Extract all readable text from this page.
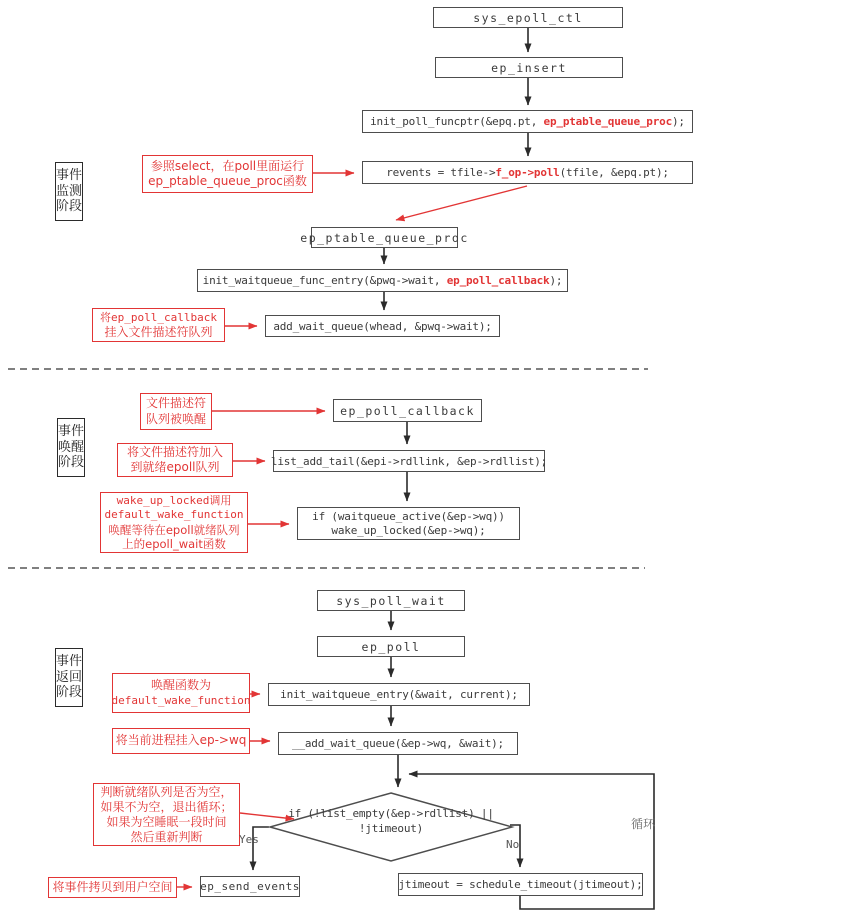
事件监测阶段
事件唤醒阶段
事件返回阶段
sys_epoll_ctl
ep_insert
init_poll_funcptr(&epq.pt, ep_ptable_queue_proc );
revents = tfile-> f_op->poll (tfile, &epq.pt);
ep_ptable_queue_proc
init_waitqueue_func_entry(&pwq->wait, ep_poll_callback );
add_wait_queue(whead, &pwq->wait);
ep_poll_callback
list_add_tail(&epi->rdllink, &ep->rdllist);
if (waitqueue_active(&ep->wq))
wake_up_locked(&ep->wq);
sys_poll_wait
ep_poll
init_waitqueue_entry(&wait, current);
__add_wait_queue(&ep->wq, &wait);
if (!list_empty(&ep->rdllist) ||
!jtimeout)
ep_send_events	jtimeout = schedule_timeout(jtimeout);
参照select，在poll里面运行
ep_ptable_queue_proc函数
将ep_poll_callback
挂入文件描述符队列
文件描述符
队列被唤醒
将文件描述符加入
到就绪epoll队列
wake_up_locked调用
default_wake_function
唤醒等待在epoll就绪队列
上的epoll_wait函数
唤醒函数为
default_wake_function
将当前进程挂入ep->wq
判断就绪队列是否为空，
如果不为空，退出循环；
如果为空睡眠一段时间
然后重新判断
将事件拷贝到用户空间
Yes	No
循环
